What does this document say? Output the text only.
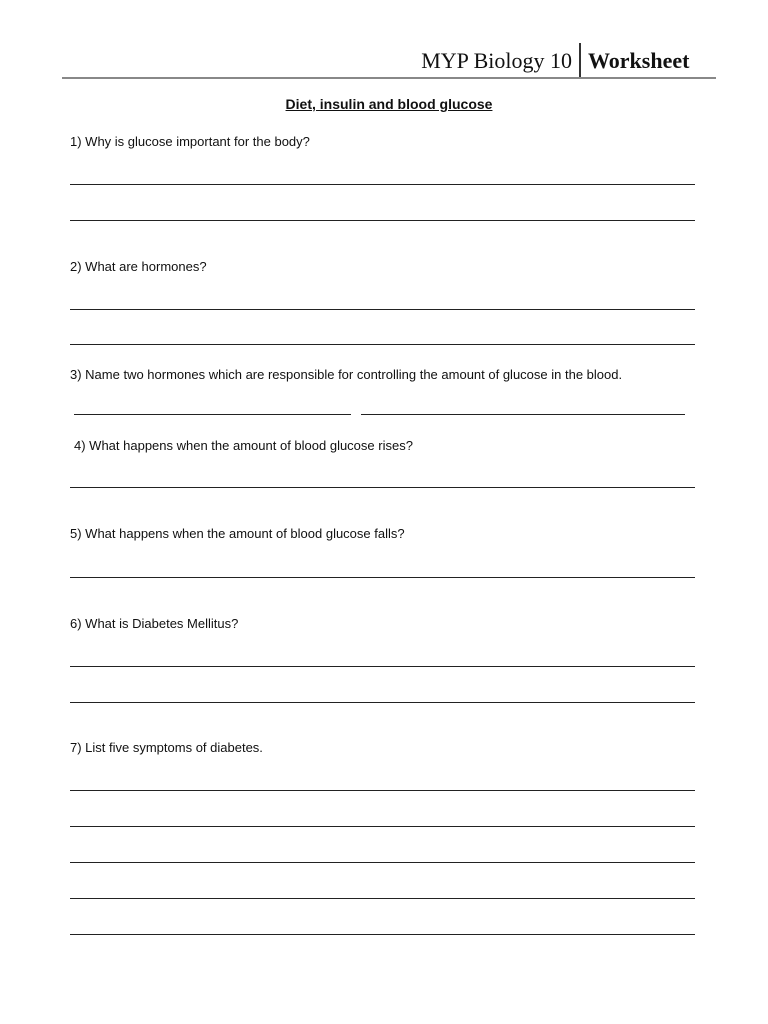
MYP Biology 10 Worksheet
Diet, insulin and blood glucose
1) Why is glucose important for the body?
2) What are hormones?
3) Name two hormones which are responsible for controlling the amount of glucose in the blood.
4) What happens when the amount of blood glucose rises?
5) What happens when the amount of blood glucose falls?
6) What is Diabetes Mellitus?
7) List five symptoms of diabetes.
